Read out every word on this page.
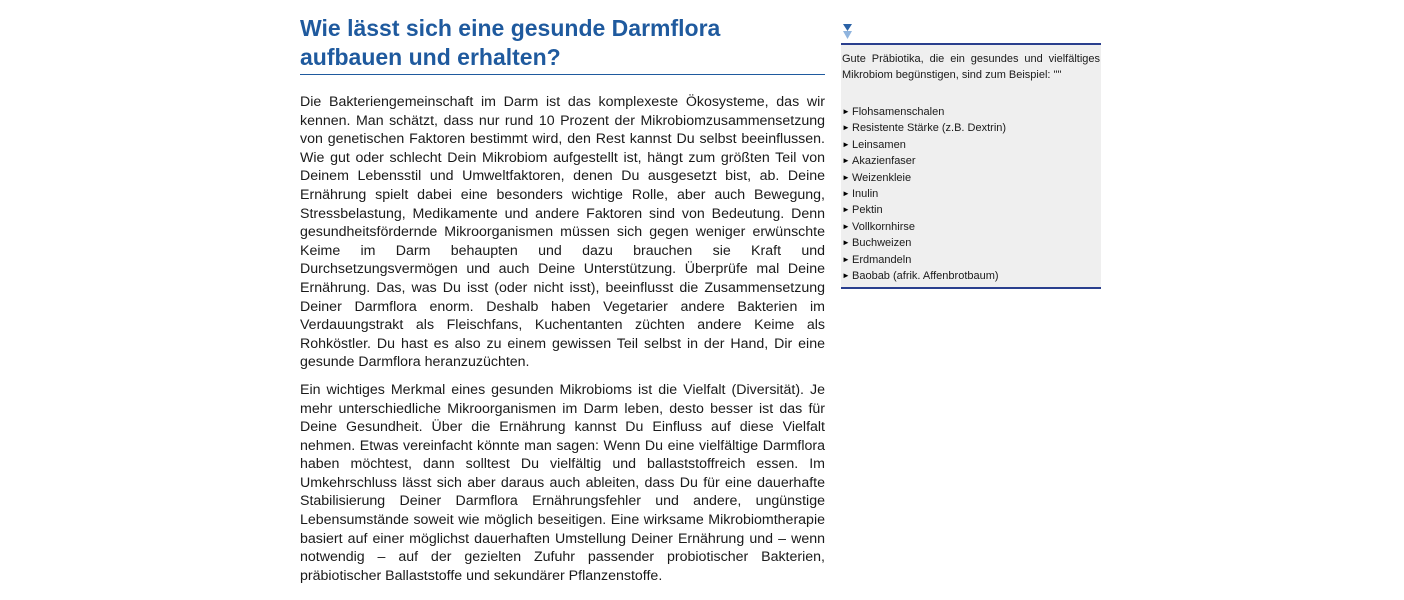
Wie lässt sich eine gesunde Darmflora aufbauen und erhalten?

Die Bakteriengemeinschaft im Darm ist das komplexeste Ökosysteme, das wir kennen. Man schätzt, dass nur rund 10 Prozent der Mikrobiomzusammensetzung von genetischen Faktoren bestimmt wird, den Rest kannst Du selbst beeinflussen. Wie gut oder schlecht Dein Mikrobiom aufgestellt ist, hängt zum größten Teil von Deinem Lebensstil und Umweltfaktoren, denen Du ausgesetzt bist, ab. Deine Ernährung spielt dabei eine besonders wichtige Rolle, aber auch Bewegung, Stressbelastung, Medikamente und andere Faktoren sind von Bedeutung. Denn gesundheitsfördernde Mikroorganismen müssen sich gegen weniger erwünschte Keime im Darm behaupten und dazu brauchen sie Kraft und Durchsetzungsvermögen und auch Deine Unterstützung. Überprüfe mal Deine Ernährung. Das, was Du isst (oder nicht isst), beeinflusst die Zusammensetzung Deiner Darmflora enorm. Deshalb haben Vegetarier andere Bakterien im Verdauungstrakt als Fleischfans, Kuchentanten züchten andere Keime als Rohköstler. Du hast es also zu einem gewissen Teil selbst in der Hand, Dir eine gesunde Darmflora heranzuzüchten.

Ein wichtiges Merkmal eines gesunden Mikrobioms ist die Vielfalt (Diversität). Je mehr unterschiedliche Mikroorganismen im Darm leben, desto besser ist das für Deine Gesundheit. Über die Ernährung kannst Du Einfluss auf diese Vielfalt nehmen. Etwas vereinfacht könnte man sagen: Wenn Du eine vielfältige Darmflora haben möchtest, dann solltest Du vielfältig und ballaststoffreich essen. Im Umkehrschluss lässt sich aber daraus auch ableiten, dass Du für eine dauerhafte Stabilisierung Deiner Darmflora Ernährungsfehler und andere, ungünstige Lebensumstände soweit wie möglich beseitigen. Eine wirksame Mikrobiomtherapie basiert auf einer möglichst dauerhaften Umstellung Deiner Ernährung und – wenn notwendig – auf der gezielten Zufuhr passender probiotischer Bakterien, präbiotischer Ballaststoffe und sekundärer Pflanzenstoffe.

Gute Präbiotika, die ein gesundes und vielfältiges Mikrobiom begünstigen, sind zum Beispiel: ""

► Flohsamenschalen
► Resistente Stärke (z.B. Dextrin)
► Leinsamen
► Akazienfaser
► Weizenkleie
► Inulin
► Pektin
► Vollkornhirse
► Buchweizen
► Erdmandeln
► Baobab (afrik. Affenbrotbaum)
